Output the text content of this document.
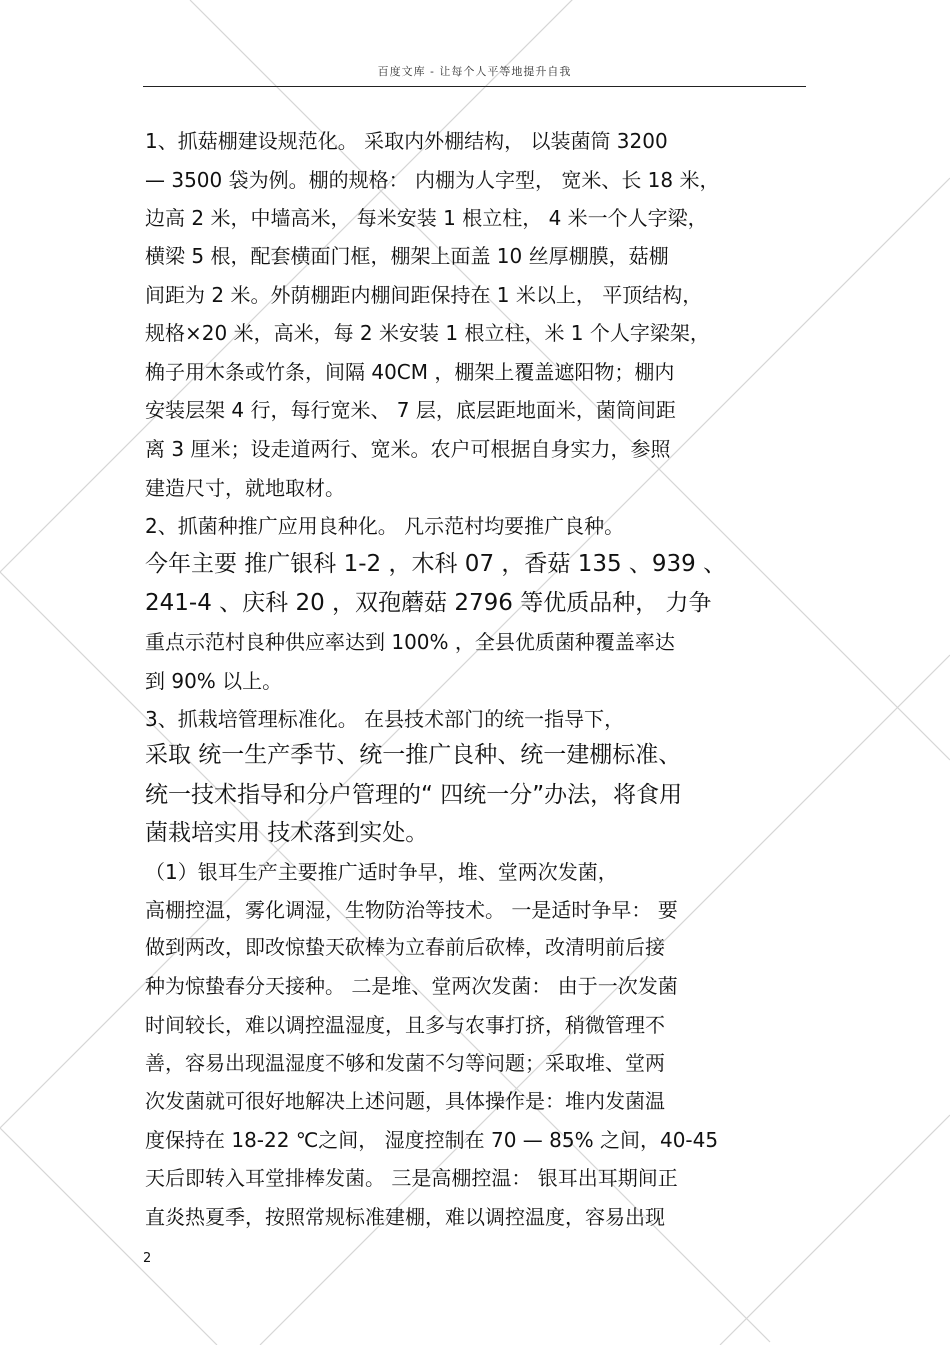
百度文库 - 让每个人平等地提升自我
1、抓菇棚建设规范化。 采取内外棚结构， 以装菌筒 3200
— 3500 袋为例。棚的规格： 内棚为人字型， 宽米、长 18 米，
边高 2 米，中墙高米， 每米安装 1 根立柱， 4 米一个人字梁，
横梁 5 根，配套横面门框，棚架上面盖 10 丝厚棚膜，菇棚
间距为 2 米。外荫棚距内棚间距保持在 1 米以上， 平顶结构，
规格×20 米，高米，每 2 米安装 1 根立柱，米 1 个人字梁架，
桷子用木条或竹条，间隔 40CM ，棚架上覆盖遮阳物；棚内
安装层架 4 行，每行宽米、 7 层，底层距地面米，菌筒间距
离 3 厘米；设走道两行、宽米。农户可根据自身实力，参照
建造尺寸，就地取材。
2、抓菌种推广应用良种化。 凡示范村均要推广良种。
今年主要 推广银科 1-2 ，木科 07 ，香菇 135 、939 、
241-4 、庆科 20 ，双孢蘑菇 2796 等优质品种， 力争
重点示范村良种供应率达到 100% ，全县优质菌种覆盖率达
到 90% 以上。
3、抓栽培管理标准化。 在县技术部门的统一指导下，
采取 统一生产季节、统一推广良种、统一建棚标准、
统一技术指导和分户管理的“ 四统一分”办法，将食用
菌栽培实用 技术落到实处。
（1）银耳生产主要推广适时争早，堆、堂两次发菌，
高棚控温，雾化调湿，生物防治等技术。 一是适时争早： 要
做到两改，即改惊蛰天砍棒为立春前后砍棒，改清明前后接
种为惊蛰春分天接种。 二是堆、堂两次发菌： 由于一次发菌
时间较长，难以调控温湿度，且多与农事打挤，稍微管理不
善，容易出现温湿度不够和发菌不匀等问题；采取堆、堂两
次发菌就可很好地解决上述问题，具体操作是：堆内发菌温
度保持在 18-22 ℃之间， 湿度控制在 70 — 85% 之间，40-45
天后即转入耳堂排棒发菌。 三是高棚控温： 银耳出耳期间正
直炎热夏季，按照常规标准建棚，难以调控温度，容易出现
2
